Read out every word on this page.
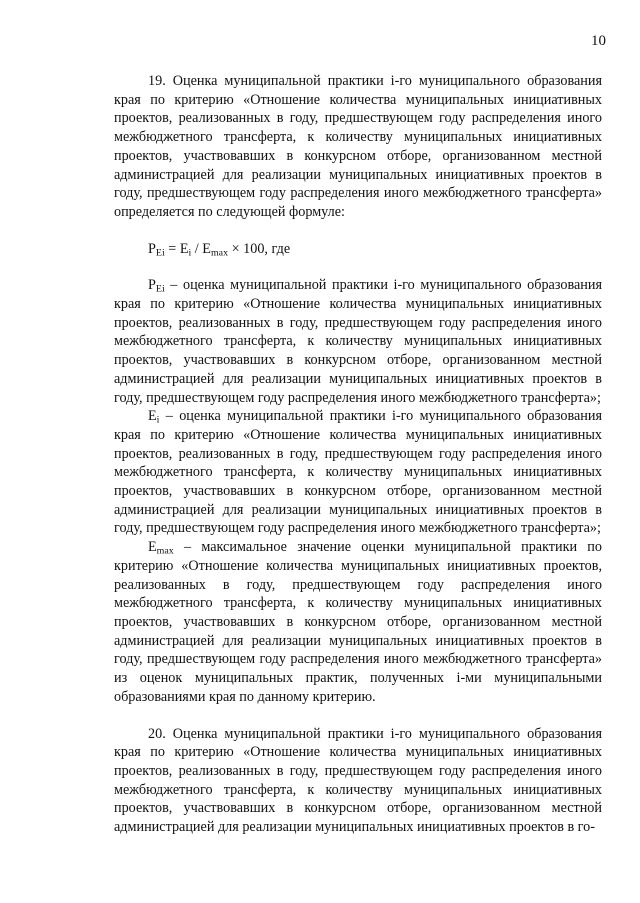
10

19. Оценка муниципальной практики i-го муниципального образования края по критерию «Отношение количества муниципальных инициативных проектов, реализованных в году, предшествующем году распределения иного межбюджетного трансферта, к количеству муниципальных инициативных проектов, участвовавших в конкурсном отборе, организованном местной администрацией для реализации муниципальных инициативных проектов в году, предшествующем году распределения иного межбюджетного трансферта» определяется по следующей формуле:

$P_{Ei} = E_i / E_{max} \times 100$, где

$P_{Ei}$ – оценка муниципальной практики i-го муниципального образования края по критерию «Отношение количества муниципальных инициативных проектов, реализованных в году, предшествующем году распределения иного межбюджетного трансферта, к количеству муниципальных инициативных проектов, участвовавших в конкурсном отборе, организованном местной администрацией для реализации муниципальных инициативных проектов в году, предшествующем году распределения иного межбюджетного трансферта»;

$E_i$ – оценка муниципальной практики i-го муниципального образования края по критерию «Отношение количества муниципальных инициативных проектов, реализованных в году, предшествующем году распределения иного межбюджетного трансферта, к количеству муниципальных инициативных проектов, участвовавших в конкурсном отборе, организованном местной администрацией для реализации муниципальных инициативных проектов в году, предшествующем году распределения иного межбюджетного трансферта»;

$E_{max}$ – максимальное значение оценки муниципальной практики по критерию «Отношение количества муниципальных инициативных проектов, реализованных в году, предшествующем году распределения иного межбюджетного трансферта, к количеству муниципальных инициативных проектов, участвовавших в конкурсном отборе, организованном местной администрацией для реализации муниципальных инициативных проектов в году, предшествующем году распределения иного межбюджетного трансферта» из оценок муниципальных практик, полученных i-ми муниципальными образованиями края по данному критерию.

20. Оценка муниципальной практики i-го муниципального образования края по критерию «Отношение количества муниципальных инициативных проектов, реализованных в году, предшествующем году распределения иного межбюджетного трансферта, к количеству муниципальных инициативных проектов, участвовавших в конкурсном отборе, организованном местной администрацией для реализации муниципальных инициативных проектов в го-
